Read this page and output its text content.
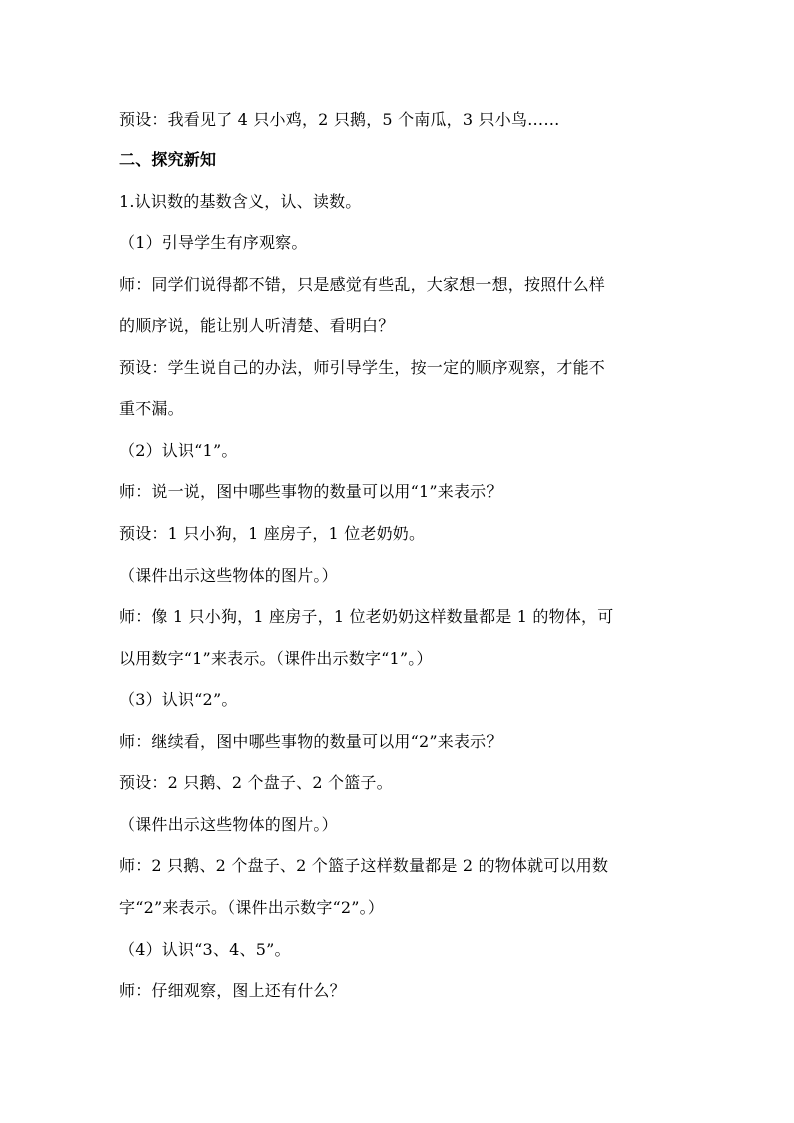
预设：我看见了 4 只小鸡，2 只鹅，5 个南瓜，3 只小鸟……
二、探究新知
1.认识数的基数含义，认、读数。
（1）引导学生有序观察。
师：同学们说得都不错，只是感觉有些乱，大家想一想，按照什么样
的顺序说，能让别人听清楚、看明白？
预设：学生说自己的办法，师引导学生，按一定的顺序观察，才能不
重不漏。
（2）认识“1”。
师：说一说，图中哪些事物的数量可以用“1”来表示？
预设：1 只小狗，1 座房子，1 位老奶奶。
（课件出示这些物体的图片。）
师：像 1 只小狗，1 座房子，1 位老奶奶这样数量都是 1 的物体，可
以用数字“1”来表示。（课件出示数字“1”。）
（3）认识“2”。
师：继续看，图中哪些事物的数量可以用“2”来表示？
预设：2 只鹅、2 个盘子、2 个篮子。
（课件出示这些物体的图片。）
师：2 只鹅、2 个盘子、2 个篮子这样数量都是 2 的物体就可以用数
字“2”来表示。（课件出示数字“2”。）
（4）认识“3、4、5”。
师：仔细观察，图上还有什么？
